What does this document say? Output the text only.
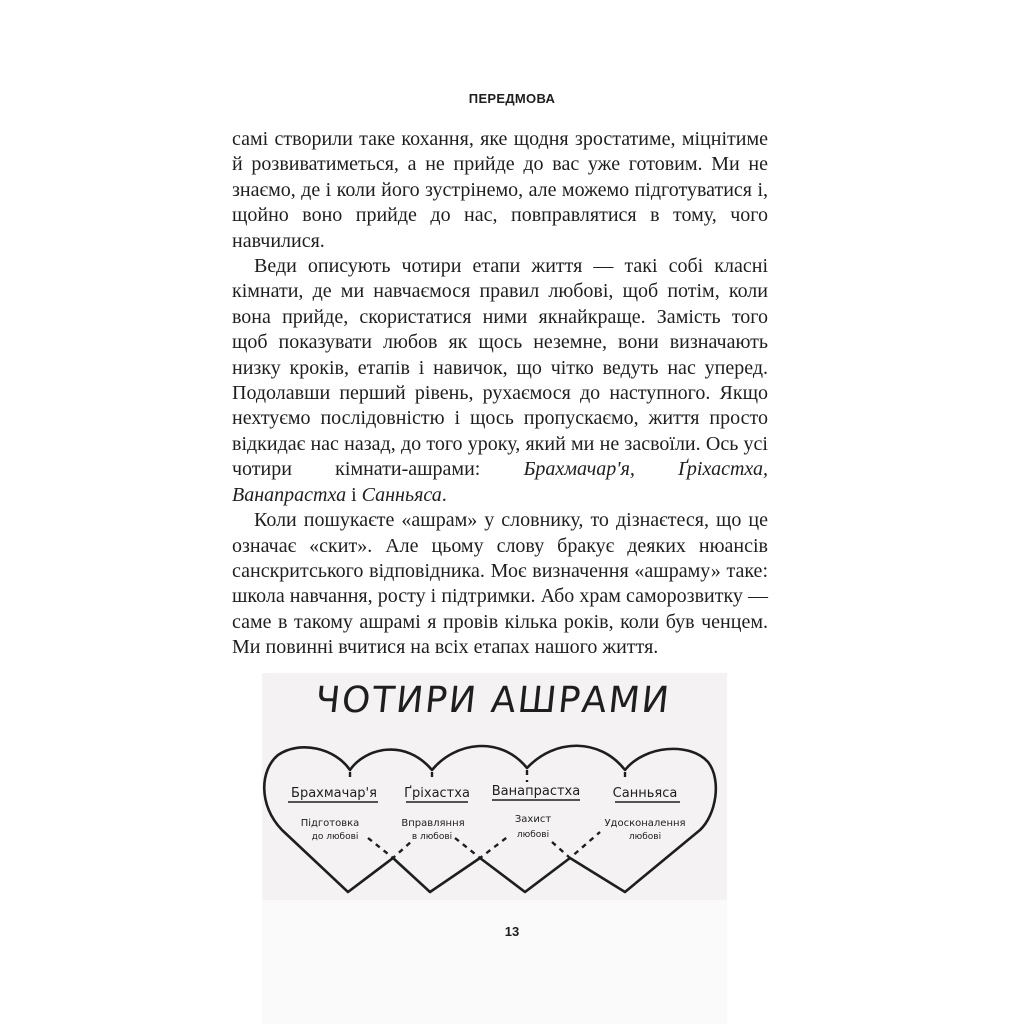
ПЕРЕДМОВА

самі створили таке кохання, яке щодня зростатиме, міцнітиме й розвиватиметься, а не прийде до вас уже готовим. Ми не знаємо, де і коли його зустрінемо, але можемо підготуватися і, щойно воно прийде до нас, повправлятися в тому, чого навчилися.

Веди описують чотири етапи життя — такі собі класні кімнати, де ми навчаємося правил любові, щоб потім, коли вона прийде, скористатися ними якнайкраще. Замість того щоб показувати любов як щось неземне, вони визначають низку кроків, етапів і навичок, що чітко ведуть нас уперед. Подолавши перший рівень, рухаємося до наступного. Якщо нехтуємо послідовністю і щось пропускаємо, життя просто відкидає нас назад, до того уроку, який ми не засвоїли. Ось усі чотири кімнати-ашрами: Брахмачар'я, Ґріхастха, Ванапрастха і Санньяса.

Коли пошукаєте «ашрам» у словнику, то дізнаєтеся, що це означає «скит». Але цьому слову бракує деяких нюансів санскритського відповідника. Моє визначення «ашраму» таке: школа навчання, росту і підтримки. Або храм саморозвитку — саме в такому ашрамі я провів кілька років, коли був ченцем. Ми повинні вчитися на всіх етапах нашого життя.

ЧОТИРИ АШРАМИ
Брахмачар'я
Підготовка
до любові
Ґріхастха
Вправляння
в любові
Ванапрастха
Захист
любові
Санньяса
Удосконалення
любові
13
